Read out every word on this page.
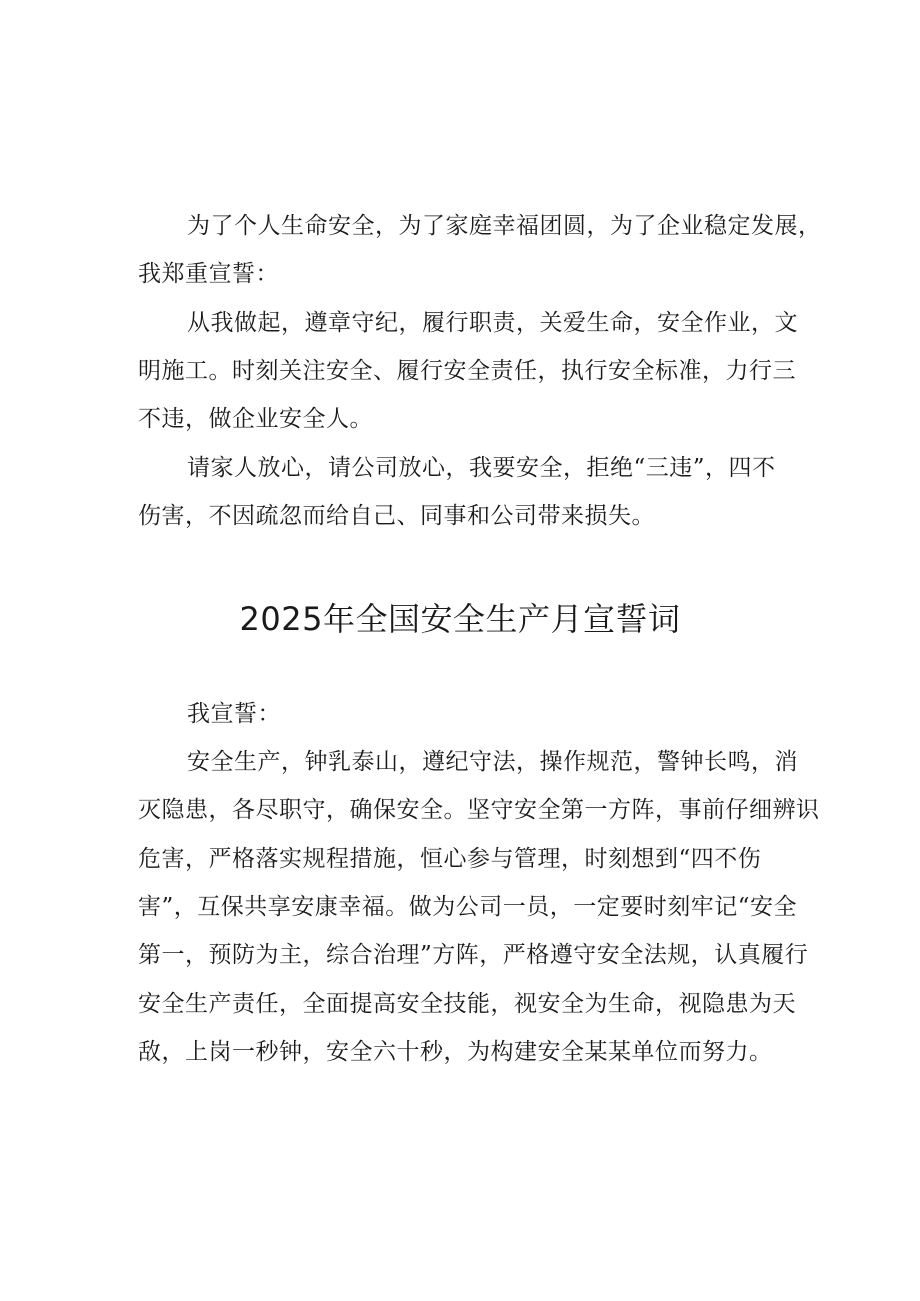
为了个人生命安全，为了家庭幸福团圆，为了企业稳定发展，
我郑重宣誓：
从我做起，遵章守纪，履行职责，关爱生命，安全作业，文
明施工。时刻关注安全、履行安全责任，执行安全标准，力行三
不违，做企业安全人。
请家人放心，请公司放心，我要安全，拒绝“三违”，四不
伤害，不因疏忽而给自己、同事和公司带来损失。
2025年全国安全生产月宣誓词
我宣誓：
安全生产，钟乳泰山，遵纪守法，操作规范，警钟长鸣，消
灭隐患，各尽职守，确保安全。坚守安全第一方阵，事前仔细辨识
危害，严格落实规程措施，恒心参与管理，时刻想到“四不伤
害”，互保共享安康幸福。做为公司一员，一定要时刻牢记“安全
第一，预防为主，综合治理”方阵，严格遵守安全法规，认真履行
安全生产责任，全面提高安全技能，视安全为生命，视隐患为天
敌，上岗一秒钟，安全六十秒，为构建安全某某单位而努力。
